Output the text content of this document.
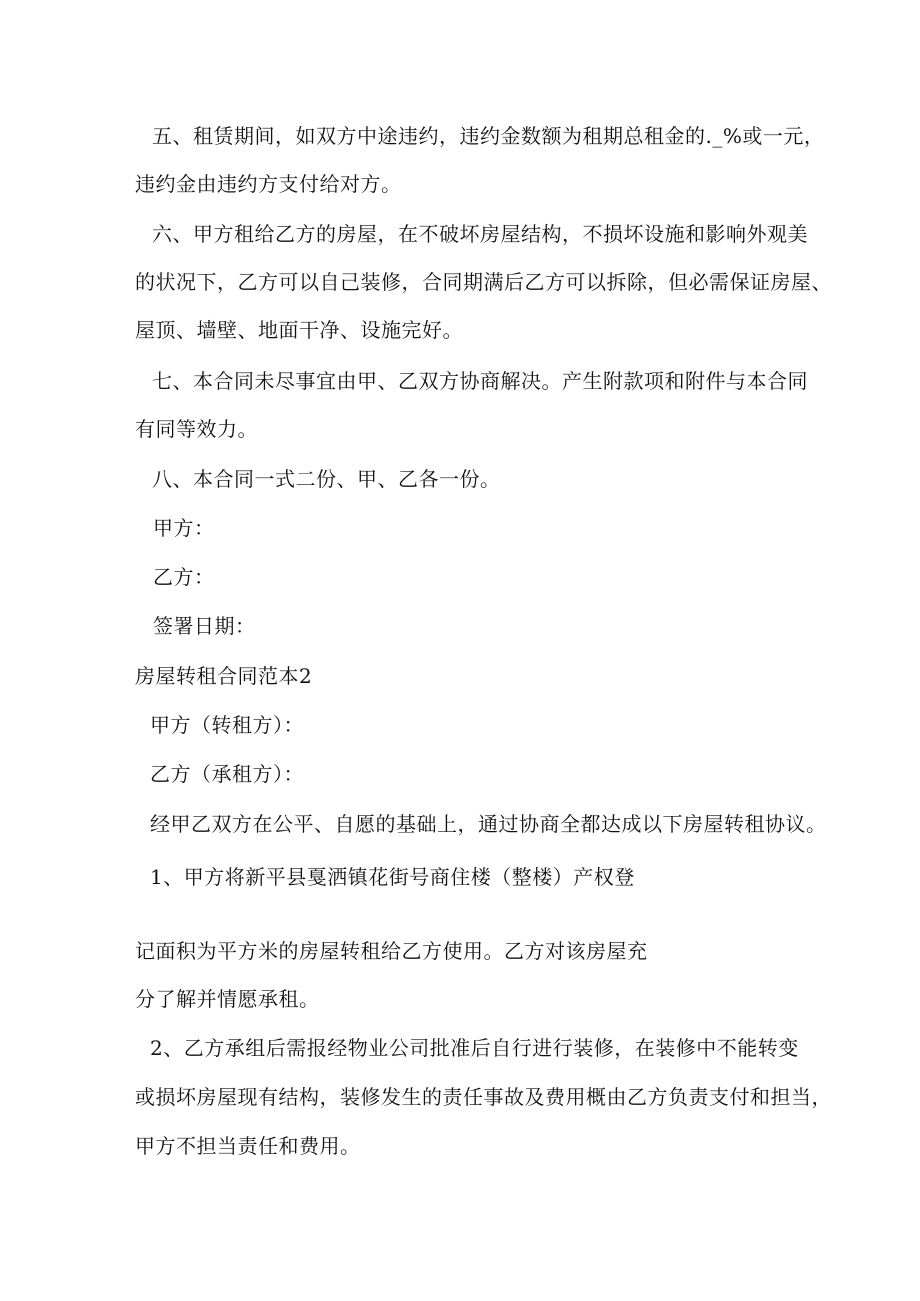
五、租赁期间，如双方中途违约，违约金数额为租期总租金的._%或一元，
违约金由违约方支付给对方。
六、甲方租给乙方的房屋，在不破坏房屋结构，不损坏设施和影响外观美
的状况下，乙方可以自己装修，合同期满后乙方可以拆除，但必需保证房屋、
屋顶、墙壁、地面干净、设施完好。
七、本合同未尽事宜由甲、乙双方协商解决。产生附款项和附件与本合同
有同等效力。
八、本合同一式二份、甲、乙各一份。
甲方：
乙方：
签署日期：
房屋转租合同范本2
甲方（转租方）：
乙方（承租方）：
经甲乙双方在公平、自愿的基础上，通过协商全都达成以下房屋转租协议。
1、甲方将新平县戛洒镇花街号商住楼（整楼）产权登
记面积为平方米的房屋转租给乙方使用。乙方对该房屋充
分了解并情愿承租。
2、乙方承组后需报经物业公司批准后自行进行装修，在装修中不能转变
或损坏房屋现有结构，装修发生的责任事故及费用概由乙方负责支付和担当，
甲方不担当责任和费用。
